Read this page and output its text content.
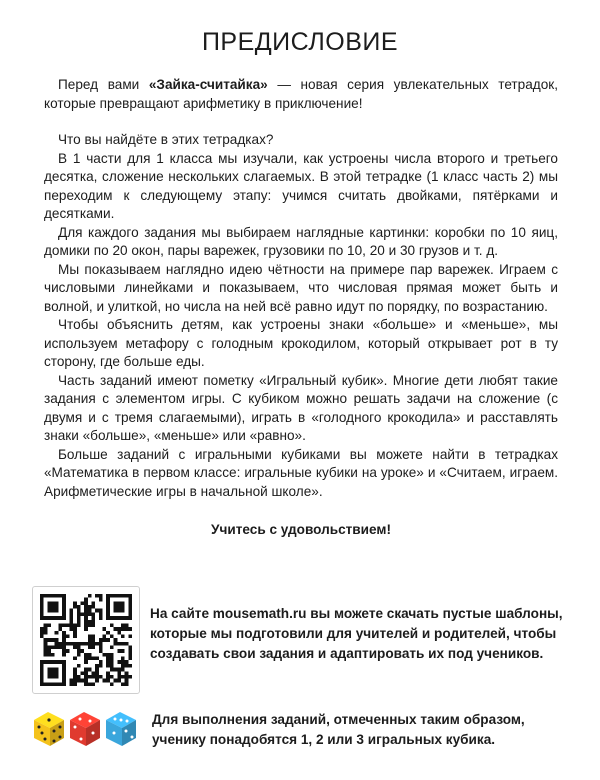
ПРЕДИСЛОВИЕ

Перед вами «Зайка-считайка» — новая серия увлекательных тетрадок, которые превращают арифметику в приключение!

Что вы найдёте в этих тетрадках?

В 1 части для 1 класса мы изучали, как устроены числа второго и третьего десятка, сложение нескольких слагаемых. В этой тетрадке (1 класс часть 2) мы переходим к следующему этапу: учимся считать двойками, пятёрками и десятками.

Для каждого задания мы выбираем наглядные картинки: коробки по 10 яиц, домики по 20 окон, пары варежек, грузовики по 10, 20 и 30 грузов и т. д.

Мы показываем наглядно идею чётности на примере пар варежек. Играем с числовыми линейками и показываем, что числовая прямая может быть и волной, и улиткой, но числа на ней всё равно идут по порядку, по возрастанию.

Чтобы объяснить детям, как устроены знаки «больше» и «меньше», мы используем метафору с голодным крокодилом, который открывает рот в ту сторону, где больше еды.

Часть заданий имеют пометку «Игральный кубик». Многие дети любят такие задания с элементом игры. С кубиком можно решать задачи на сложение (с двумя и с тремя слагаемыми), играть в «голодного крокодила» и расставлять знаки «больше», «меньше» или «равно».

Больше заданий с игральными кубиками вы можете найти в тетрадках «Математика в первом классе: игральные кубики на уроке» и «Считаем, играем. Арифметические игры в начальной школе».

Учитесь с удовольствием!

На сайте mousemath.ru вы можете скачать пустые шаблоны, которые мы подготовили для учителей и родителей, чтобы создавать свои задания и адаптировать их под учеников.
Для выполнения заданий, отмеченных таким образом, ученику понадобятся 1, 2 или 3 игральных кубика.
